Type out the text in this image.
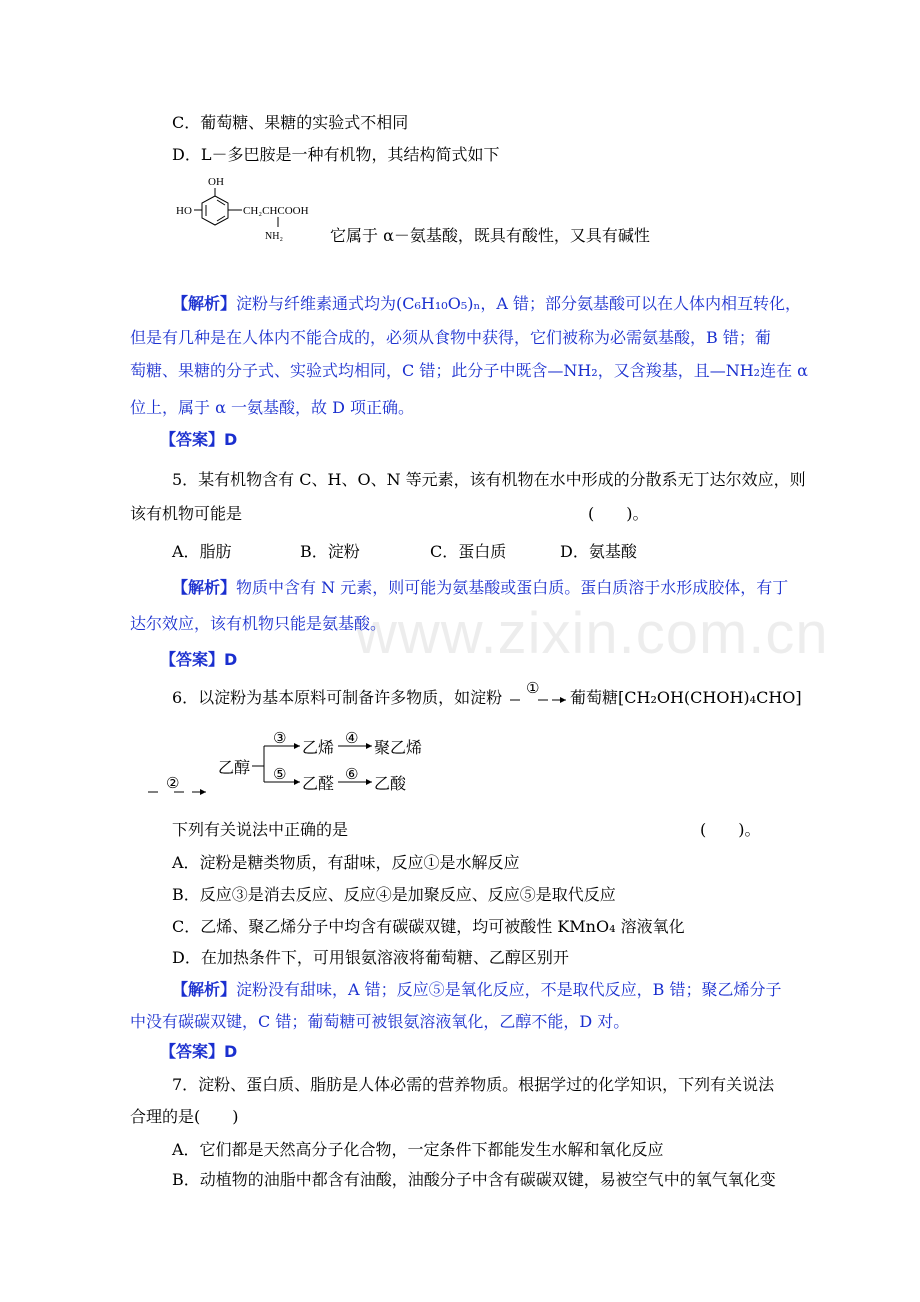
www.zixin.com.cn
C．葡萄糖、果糖的实验式不相同
D．L－多巴胺是一种有机物，其结构简式如下
OH
HO	CH₂CHCOOH
NH₂	它属于 α－氨基酸，既具有酸性，又具有碱性
【解析】淀粉与纤维素通式均为(C₆H₁₀O₅)ₙ，A 错；部分氨基酸可以在人体内相互转化，
但是有几种是在人体内不能合成的，必须从食物中获得，它们被称为必需氨基酸，B 错；葡
萄糖、果糖的分子式、实验式均相同，C 错；此分子中既含—NH₂，又含羧基，且—NH₂连在 α
位上，属于 α 一氨基酸，故 D 项正确。
【答案】D
5．某有机物含有 C、H、O、N 等元素，该有机物在水中形成的分散系无丁达尔效应，则
该有机物可能是	(　　)。
A．脂肪	B．淀粉	C．蛋白质	D．氨基酸
【解析】物质中含有 N 元素，则可能为氨基酸或蛋白质。蛋白质溶于水形成胶体，有丁
达尔效应，该有机物只能是氨基酸。
【答案】D
6．以淀粉为基本原料可制备许多物质，如淀粉 ① 葡萄糖[CH₂OH(CHOH)₄CHO]
②
乙醇
③ 乙烯 ④ 聚乙烯
⑤ 乙醛 ⑥ 乙酸
下列有关说法中正确的是	(　　)。
A．淀粉是糖类物质，有甜味，反应①是水解反应
B．反应③是消去反应、反应④是加聚反应、反应⑤是取代反应
C．乙烯、聚乙烯分子中均含有碳碳双键，均可被酸性 KMnO₄ 溶液氧化
D．在加热条件下，可用银氨溶液将葡萄糖、乙醇区别开
【解析】淀粉没有甜味，A 错；反应⑤是氧化反应，不是取代反应，B 错；聚乙烯分子
中没有碳碳双键，C 错；葡萄糖可被银氨溶液氧化，乙醇不能，D 对。
【答案】D
7．淀粉、蛋白质、脂肪是人体必需的营养物质。根据学过的化学知识，下列有关说法
合理的是(　　)
A．它们都是天然高分子化合物，一定条件下都能发生水解和氧化反应
B．动植物的油脂中都含有油酸，油酸分子中含有碳碳双键，易被空气中的氧气氧化变
